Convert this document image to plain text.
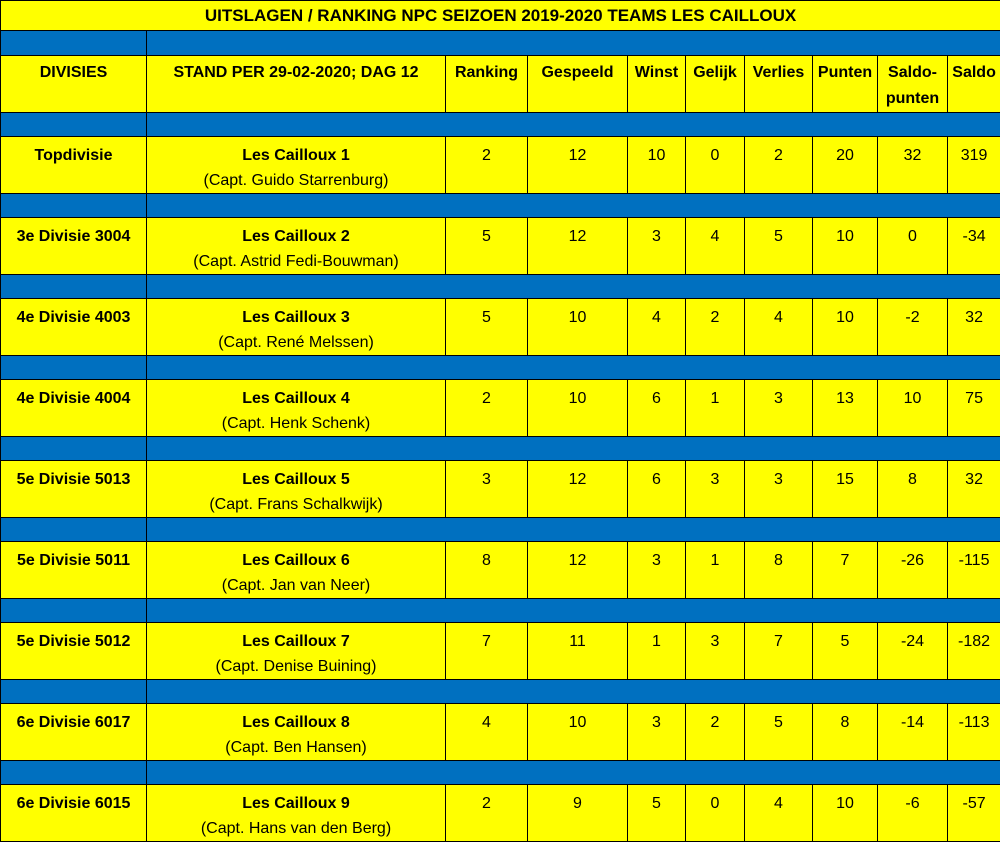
UITSLAGEN / RANKING NPC SEIZOEN 2019-2020 TEAMS LES CAILLOUX									

DIVISIES	STAND PER 29-02-2020; DAG 12	Ranking	Gespeeld	Winst	Gelijk	Verlies	Punten	Saldo-
punten	Saldo

Topdivisie	Les Cailloux 1
(Capt. Guido Starrenburg)	2	12	10	0	2	20	32	319

3e Divisie 3004	Les Cailloux 2
(Capt. Astrid Fedi-Bouwman)	5	12	3	4	5	10	0	-34

4e Divisie 4003	Les Cailloux 3
(Capt. René Melssen)	5	10	4	2	4	10	-2	32

4e Divisie 4004	Les Cailloux 4
(Capt. Henk Schenk)	2	10	6	1	3	13	10	75

5e Divisie 5013	Les Cailloux 5
(Capt. Frans Schalkwijk)	3	12	6	3	3	15	8	32

5e Divisie 5011	Les Cailloux 6
(Capt. Jan van Neer)	8	12	3	1	8	7	-26	-115

5e Divisie 5012	Les Cailloux 7
(Capt. Denise Buining)	7	11	1	3	7	5	-24	-182

6e Divisie 6017	Les Cailloux 8
(Capt. Ben Hansen)	4	10	3	2	5	8	-14	-113

6e Divisie 6015	Les Cailloux 9
(Capt. Hans van den Berg)	2	9	5	0	4	10	-6	-57
